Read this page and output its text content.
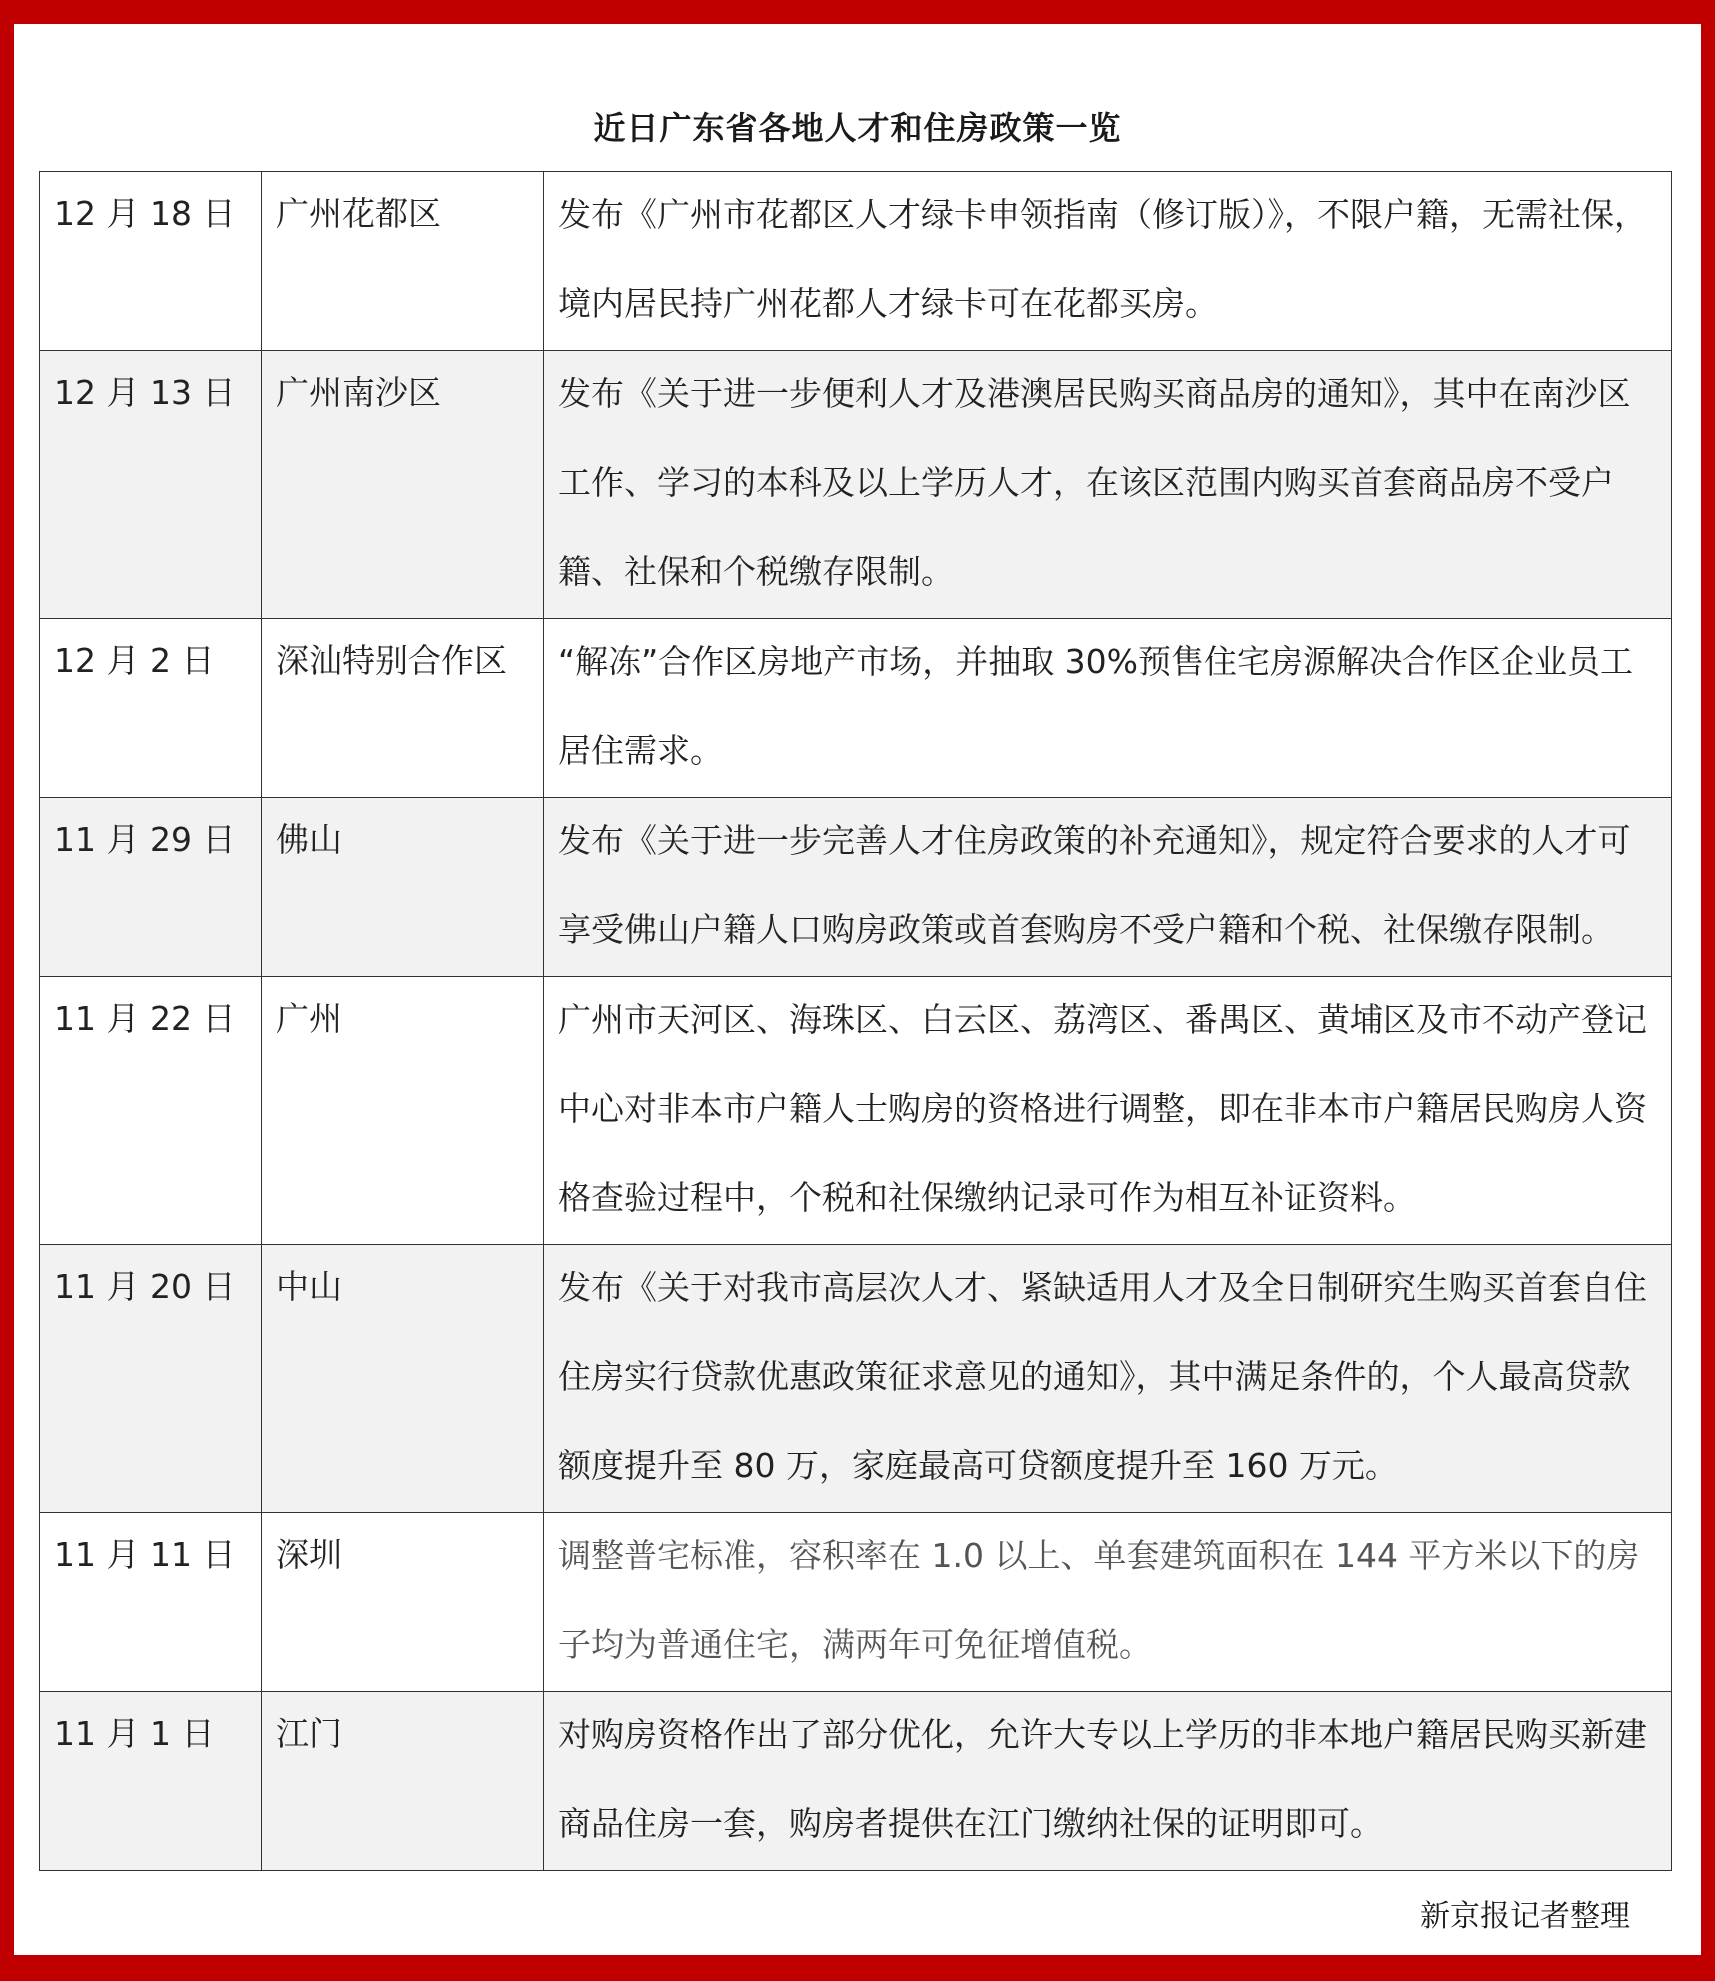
近日广东省各地人才和住房政策一览
12 月 18 日	广州花都区	发布《广州市花都区人才绿卡申领指南（修订版）》，不限户籍，无需社保，境内居民持广州花都人才绿卡可在花都买房。

12 月 13 日	广州南沙区	发布《关于进一步便利人才及港澳居民购买商品房的通知》，其中在南沙区工作、学习的本科及以上学历人才，在该区范围内购买首套商品房不受户籍、社保和个税缴存限制。

12 月 2 日	深汕特别合作区	“解冻”合作区房地产市场，并抽取 30%预售住宅房源解决合作区企业员工居住需求。

11 月 29 日	佛山	发布《关于进一步完善人才住房政策的补充通知》，规定符合要求的人才可享受佛山户籍人口购房政策或首套购房不受户籍和个税、社保缴存限制。

11 月 22 日	广州	广州市天河区、海珠区、白云区、荔湾区、番禺区、黄埔区及市不动产登记中心对非本市户籍人士购房的资格进行调整，即在非本市户籍居民购房人资格查验过程中，个税和社保缴纳记录可作为相互补证资料。

11 月 20 日	中山	发布《关于对我市高层次人才、紧缺适用人才及全日制研究生购买首套自住住房实行贷款优惠政策征求意见的通知》，其中满足条件的，个人最高贷款额度提升至 80 万，家庭最高可贷额度提升至 160 万元。

11 月 11 日	深圳	调整普宅标准，容积率在 1.0 以上、单套建筑面积在 144 平方米以下的房子均为普通住宅，满两年可免征增值税。

11 月 1 日	江门	对购房资格作出了部分优化，允许大专以上学历的非本地户籍居民购买新建商品住房一套，购房者提供在江门缴纳社保的证明即可。
新京报记者整理
